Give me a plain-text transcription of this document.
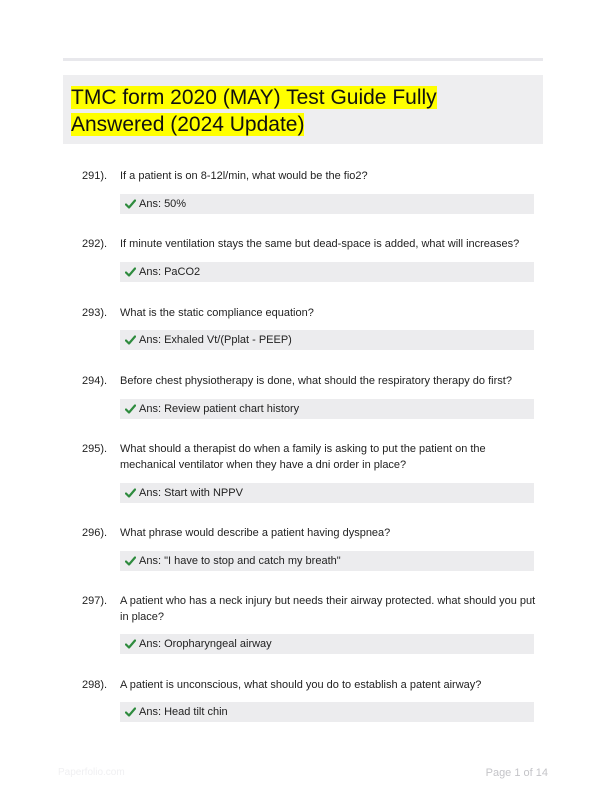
TMC form 2020 (MAY) Test Guide Fully Answered (2024 Update)
291). If a patient is on 8-12l/min, what would be the fio2?
Ans: 50%
292). If minute ventilation stays the same but dead-space is added, what will increases?
Ans: PaCO2
293). What is the static compliance equation?
Ans: Exhaled Vt/(Pplat - PEEP)
294). Before chest physiotherapy is done, what should the respiratory therapy do first?
Ans: Review patient chart history
295). What should a therapist do when a family is asking to put the patient on the mechanical ventilator when they have a dni order in place?
Ans: Start with NPPV
296). What phrase would describe a patient having dyspnea?
Ans: "I have to stop and catch my breath"
297). A patient who has a neck injury but needs their airway protected. what should you put in place?
Ans: Oropharyngeal airway
298). A patient is unconscious, what should you do to establish a patent airway?
Ans: Head tilt chin
Paperfolio.com	Page 1 of 14
